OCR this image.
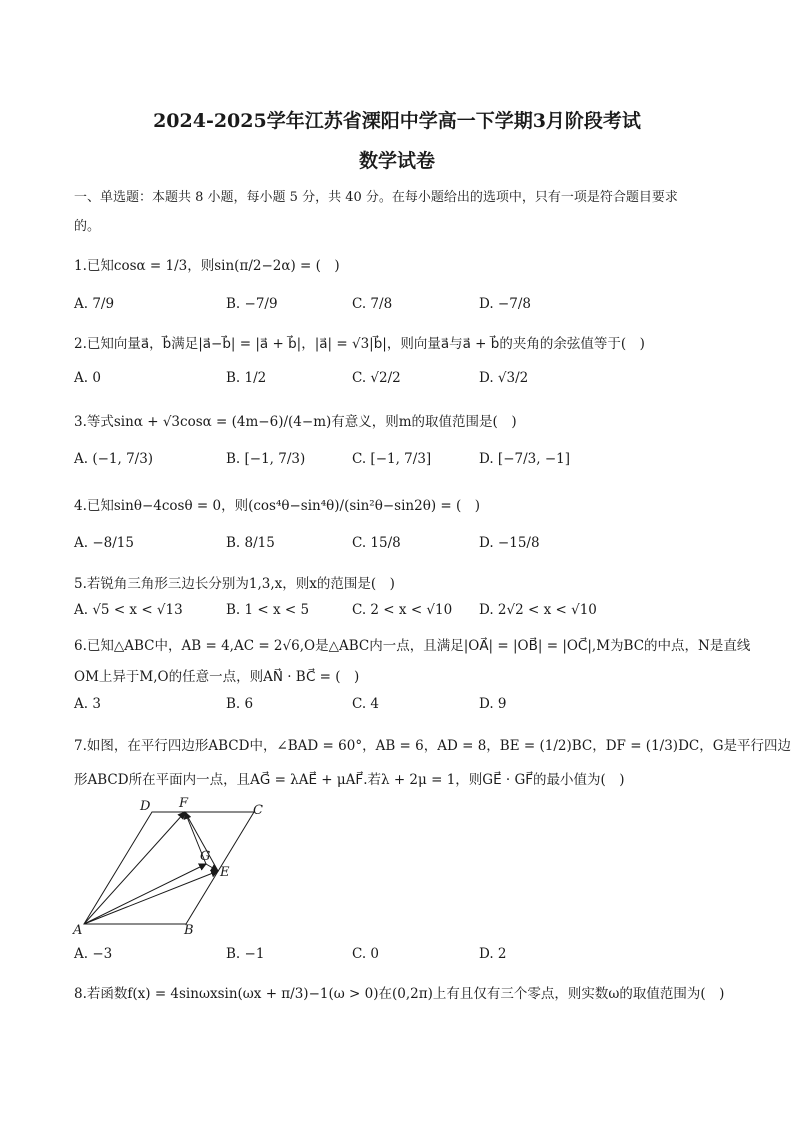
2024-2025学年江苏省溧阳中学高一下学期3月阶段考试
数学试卷
一、单选题：本题共 8 小题，每小题 5 分，共 40 分。在每小题给出的选项中，只有一项是符合题目要求
的。
1.已知cosα = 1/3，则sin(π/2−2α) = (　)
A. 7/9	B. −7/9	C. 7/8	D. −7/8
2.已知向量a⃗，b⃗满足|a⃗−b⃗| = |a⃗ + b⃗|，|a⃗| = √3|b⃗|，则向量a⃗与a⃗ + b⃗的夹角的余弦值等于(　)
A. 0	B. 1/2	C. √2/2	D. √3/2
3.等式sinα + √3cosα = (4m−6)/(4−m)有意义，则m的取值范围是(　)
A. (−1, 7/3)	B. [−1, 7/3)	C. [−1, 7/3]	D. [−7/3, −1]
4.已知sinθ−4cosθ = 0，则(cos⁴θ−sin⁴θ)/(sin²θ−sin2θ) = (　)
A. −8/15	B. 8/15	C. 15/8	D. −15/8
5.若锐角三角形三边长分别为1,3,x，则x的范围是(　)
A. √5 < x < √13	B. 1 < x < 5	C. 2 < x < √10 D. 2√2 < x < √10
6.已知△ABC中，AB = 4,AC = 2√6,O是△ABC内一点，且满足|OA⃗| = |OB⃗| = |OC⃗|,M为BC的中点，N是直线
OM上异于M,O的任意一点，则AN⃗ · BC⃗ = (　)
A. 3	B. 6	C. 4	D. 9
7.如图，在平行四边形ABCD中，∠BAD = 60°，AB = 6，AD = 8，BE = (1/2)BC，DF = (1/3)DC，G是平行四边
形ABCD所在平面内一点，且AG⃗ = λAE⃗ + μAF⃗.若λ + 2μ = 1，则GE⃗ · GF⃗的最小值为(　)
D F	C
G
E
A	B
A. −3	B. −1	C. 0	D. 2
8.若函数f(x) = 4sinωxsin(ωx + π/3)−1(ω > 0)在(0,2π)上有且仅有三个零点，则实数ω的取值范围为(　)
